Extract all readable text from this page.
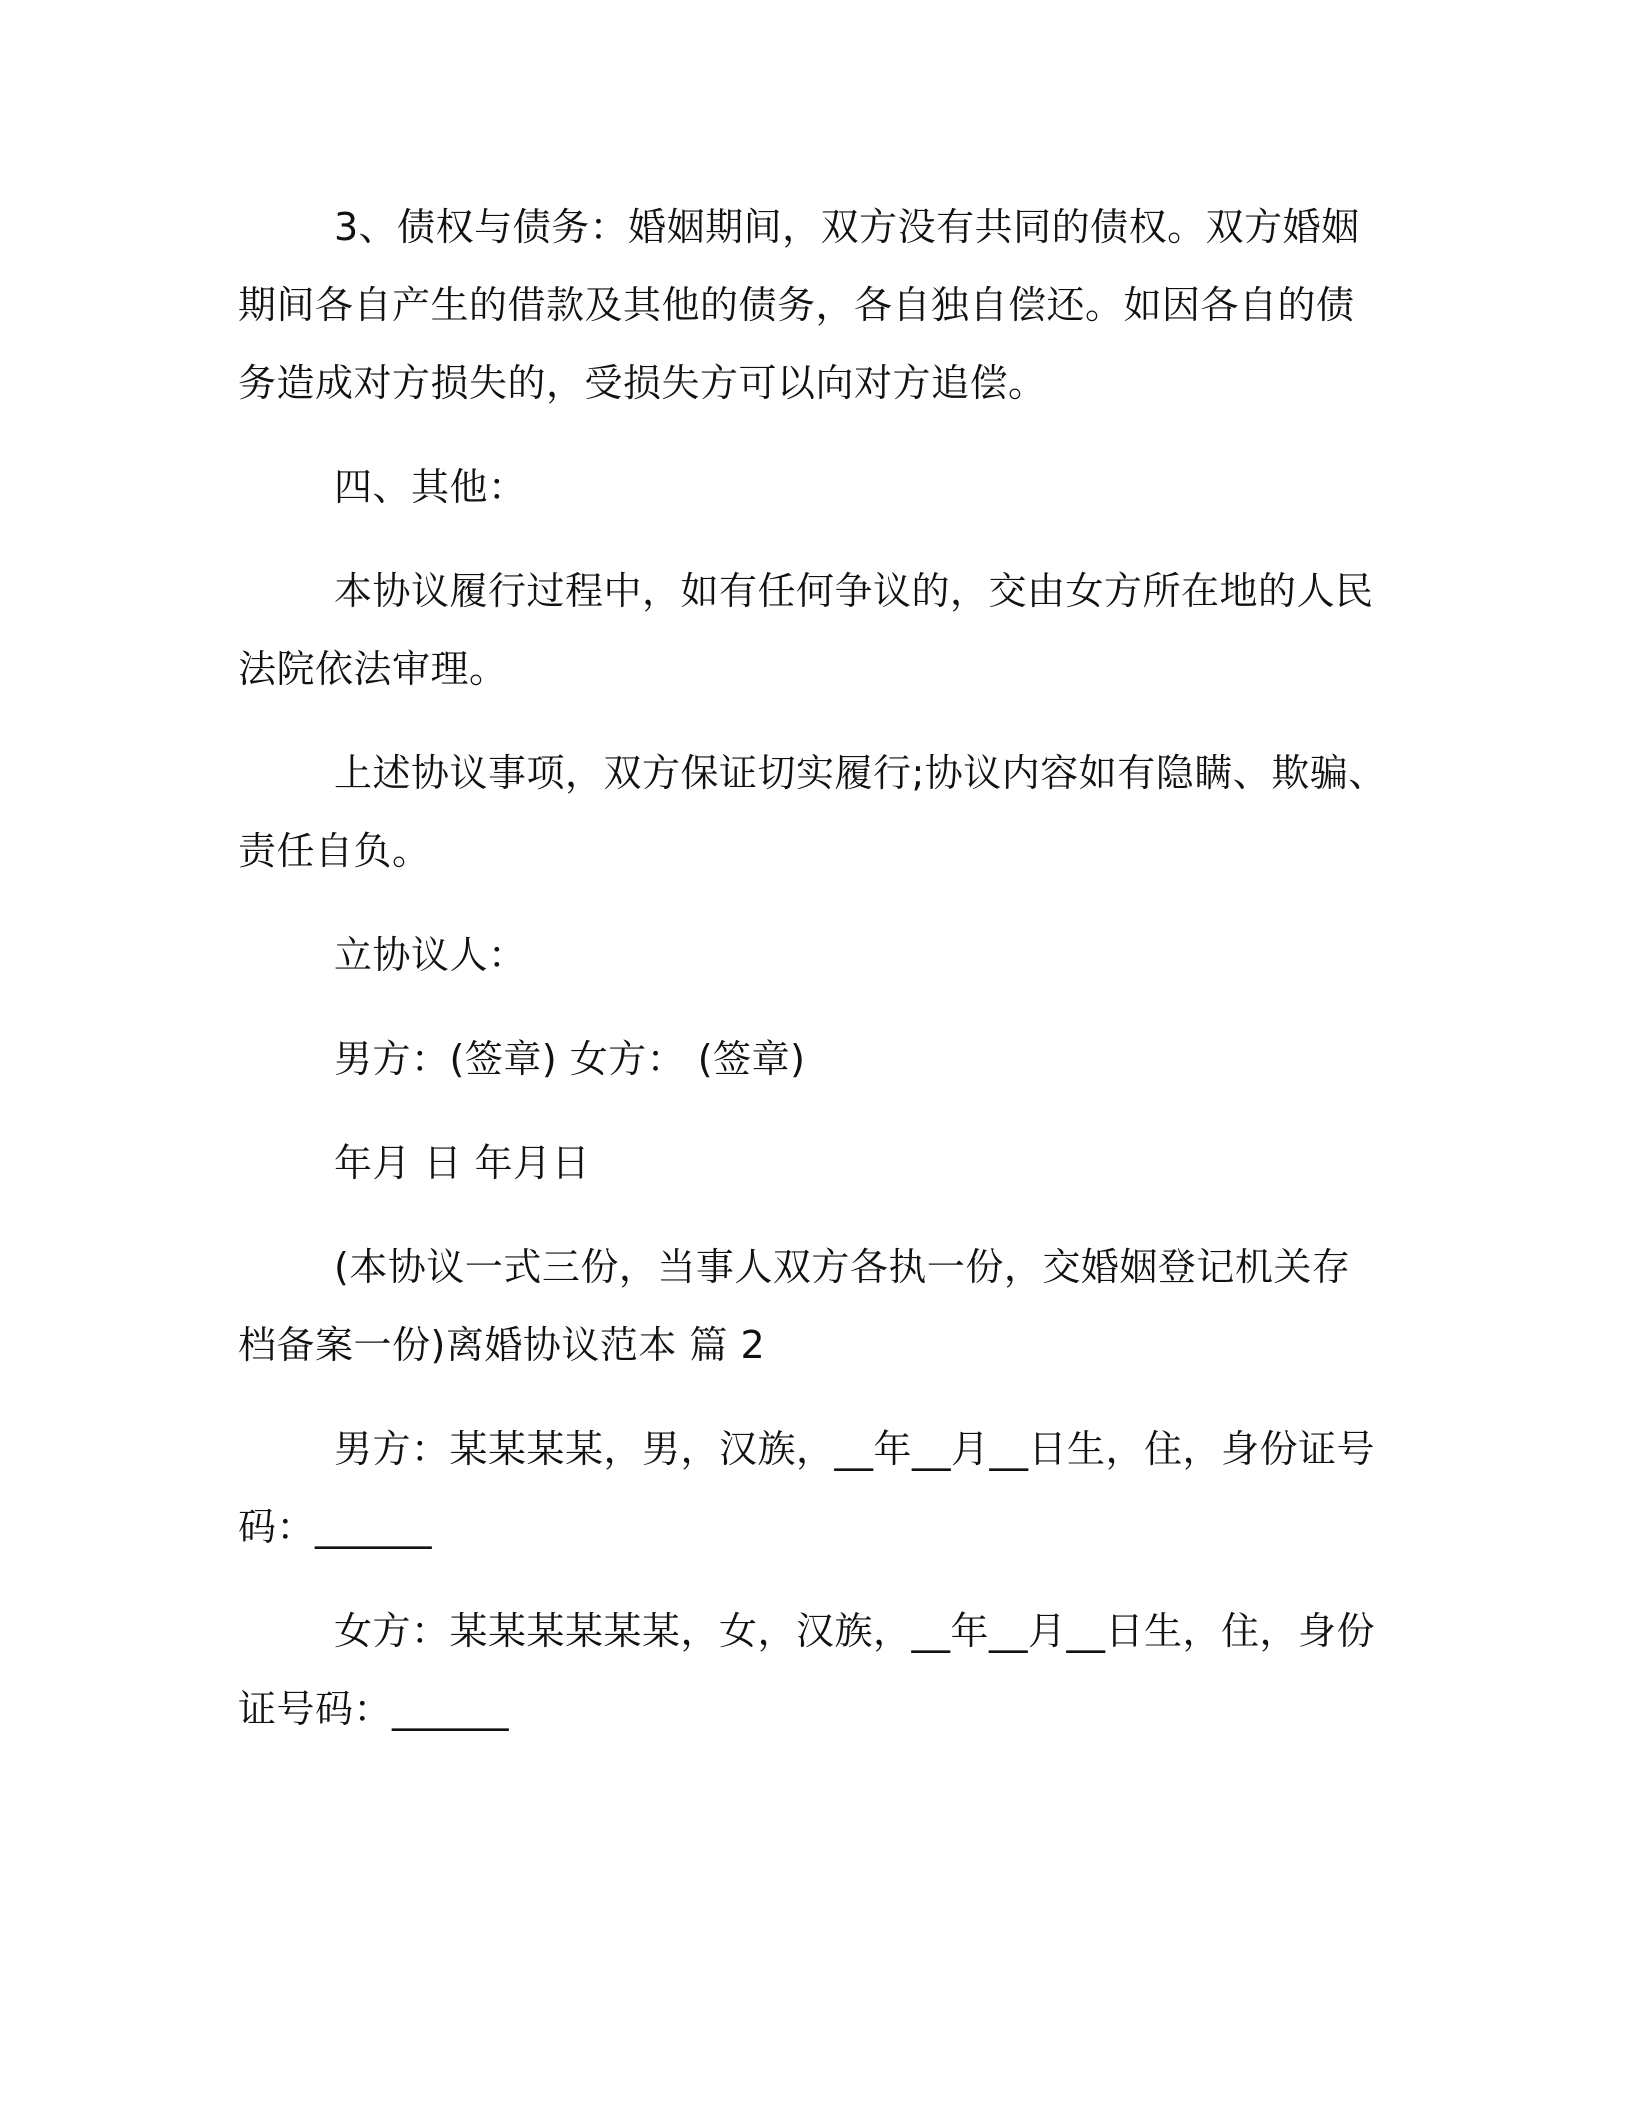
3、债权与债务：婚姻期间，双方没有共同的债权。双方婚姻期间各自产生的借款及其他的债务，各自独自偿还。如因各自的债务造成对方损失的，受损失方可以向对方追偿。

四、其他：

本协议履行过程中，如有任何争议的，交由女方所在地的人民法院依法审理。

上述协议事项，双方保证切实履行;协议内容如有隐瞒、欺骗、责任自负。

立协议人：

男方：(签章) 女方： (签章)

年月 日 年月日

(本协议一式三份，当事人双方各执一份，交婚姻登记机关存档备案一份)离婚协议范本 篇 2

男方：某某某某，男，汉族，__年__月__日生，住，身份证号码：______

女方：某某某某某某，女，汉族，__年__月__日生，住，身份证号码：______
